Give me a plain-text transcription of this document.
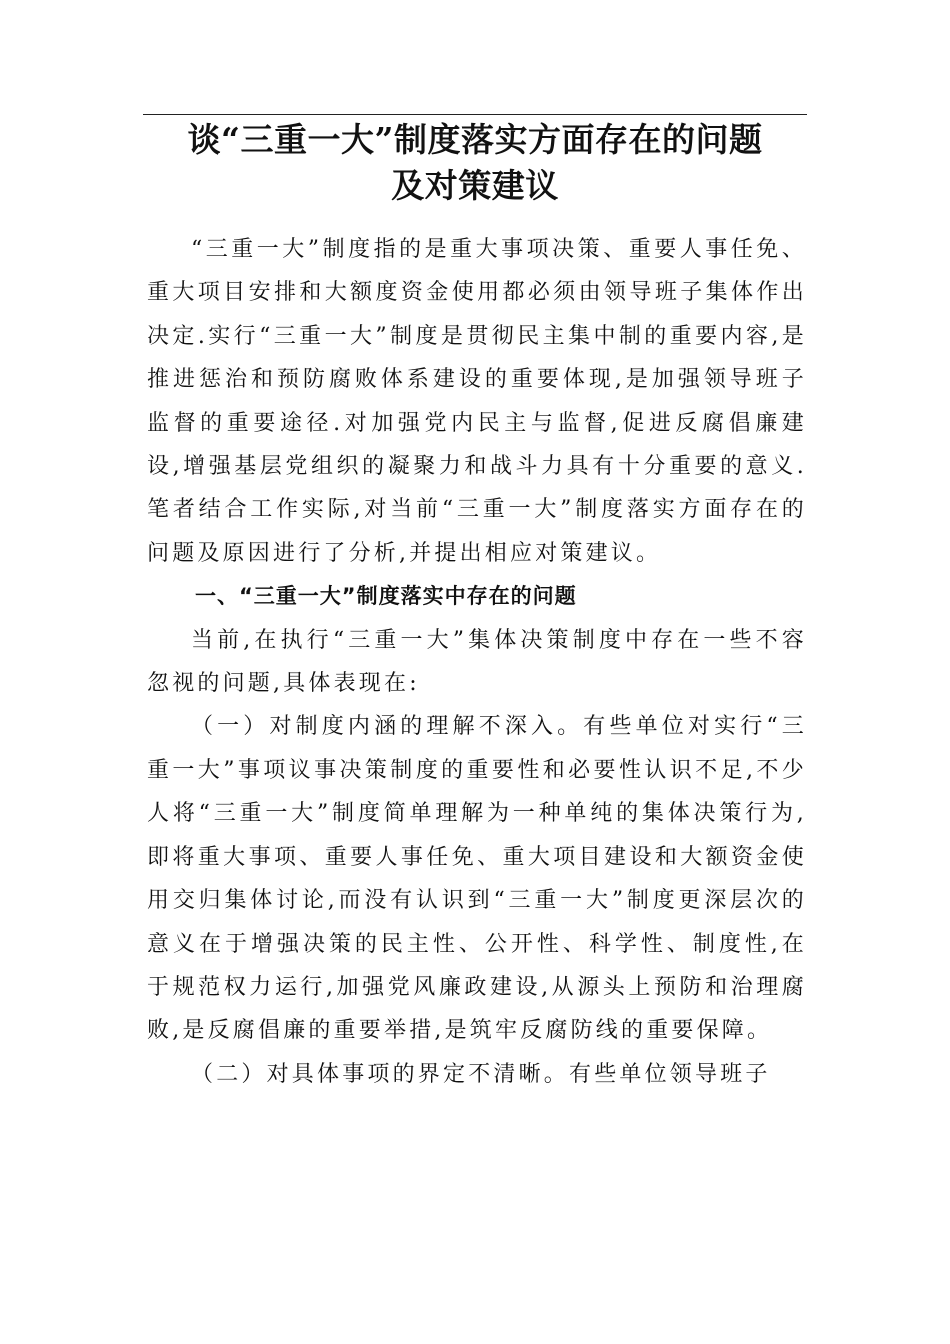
谈“三重一大”制度落实方面存在的问题
及对策建议

“三重一大”制度指的是重大事项决策、重要人事任免、重大项目安排和大额度资金使用都必须由领导班子集体作出决定.实行“三重一大”制度是贯彻民主集中制的重要内容,是推进惩治和预防腐败体系建设的重要体现,是加强领导班子监督的重要途径.对加强党内民主与监督,促进反腐倡廉建设,增强基层党组织的凝聚力和战斗力具有十分重要的意义.笔者结合工作实际,对当前“三重一大”制度落实方面存在的问题及原因进行了分析,并提出相应对策建议。

一、“三重一大”制度落实中存在的问题

当前,在执行“三重一大”集体决策制度中存在一些不容忽视的问题,具体表现在:

（一）对制度内涵的理解不深入。有些单位对实行“三重一大”事项议事决策制度的重要性和必要性认识不足,不少人将“三重一大”制度简单理解为一种单纯的集体决策行为,即将重大事项、重要人事任免、重大项目建设和大额资金使用交归集体讨论,而没有认识到“三重一大”制度更深层次的意义在于增强决策的民主性、公开性、科学性、制度性,在于规范权力运行,加强党风廉政建设,从源头上预防和治理腐败,是反腐倡廉的重要举措,是筑牢反腐防线的重要保障。

（二）对具体事项的界定不清晰。有些单位领导班子
